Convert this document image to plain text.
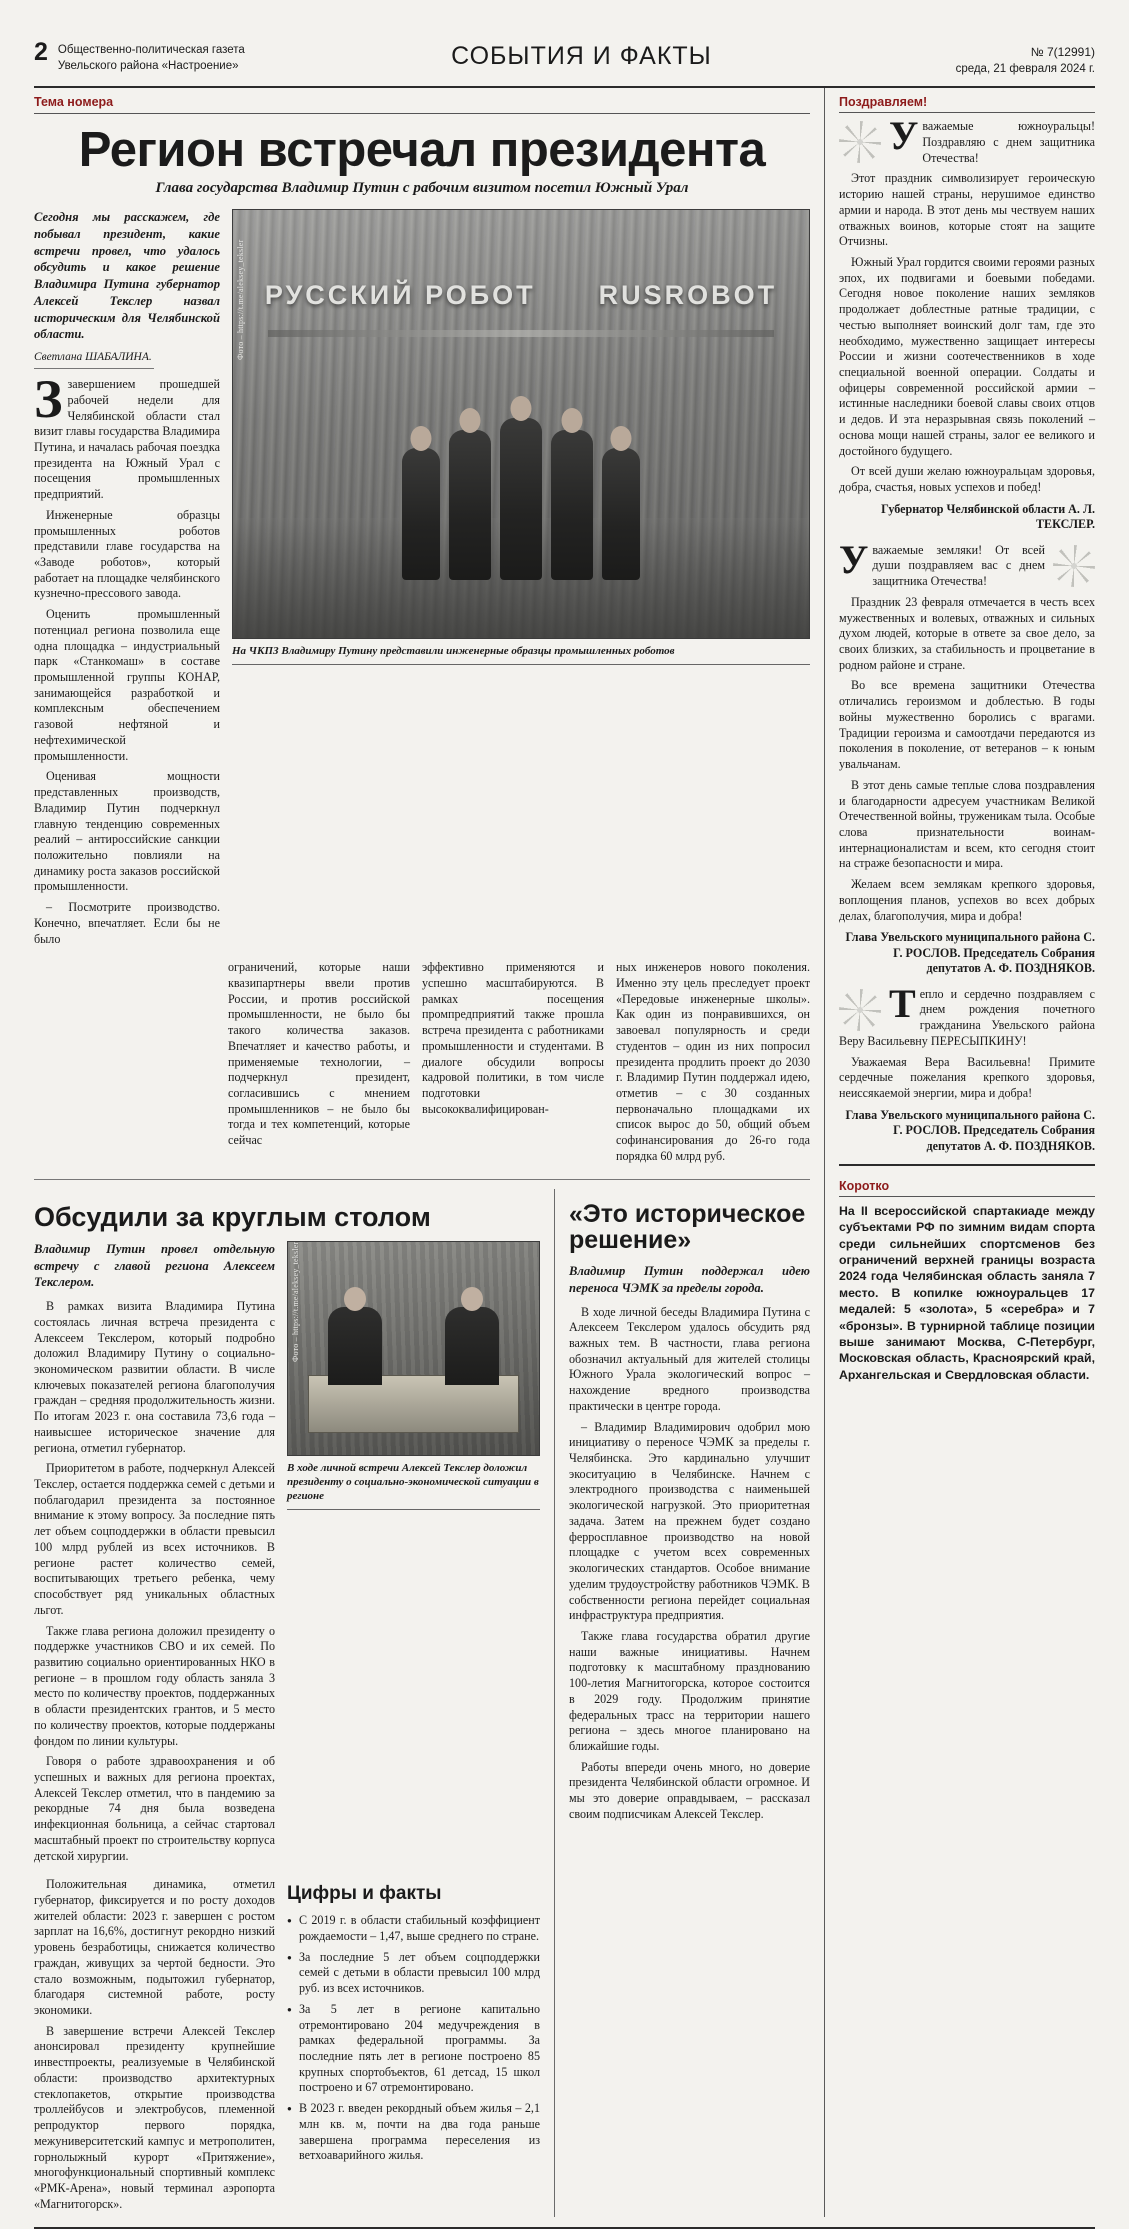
2 Общественно-политическая газета
Увельского района «Настроение»	СОБЫТИЯ И ФАКТЫ	№ 7(12991)
среда, 21 февраля 2024 г.
Тема номера
Регион встречал президента
Глава государства Владимир Путин с рабочим визитом посетил Южный Урал
Сегодня мы расскажем, где побывал президент, какие встречи провел, что удалось обсудить и какое решение Владимира Путина губернатор Алексей Текслер назвал историческим для Челябинской области.
Светлана ШАБАЛИНА.

Ззавершением прошедшей рабочей недели для Челябинской области стал визит главы государства Владимира Путина, и началась рабочая поездка президента на Южный Урал с посещения промышленных предприятий.

Инженерные образцы промышленных роботов представили главе государства на «Заводе роботов», который работает на площадке челябинского кузнечно-прессового завода.

Оценить промышленный потенциал региона позволила еще одна площадка – индустриальный парк «Станкомаш» в составе промышленной группы КОНАР, занимающейся разработкой и комплексным обеспечением газовой нефтяной и нефтехимической промышленности.

Оценивая мощности представленных производств, Владимир Путин подчеркнул главную тенденцию современных реалий – антироссийские санкции положительно повлияли на динамику роста заказов российской промышленности.

– Посмотрите производство. Конечно, впечатляет. Если бы не было

Фото – https://t.me/aleksey_teksler РУССКИЙ РОБОТ RUSROBOT
На ЧКПЗ Владимиру Путину представили инженерные образцы промышленных роботов

ограничений, которые наши квазипартнеры ввели против России, и против российской промышленности, не было бы такого количества заказов. Впечатляет и качество работы, и применяемые технологии, – подчеркнул президент, согласившись с мнением промышленников – не было бы тогда и тех компетенций, которые сейчас

эффективно применяются и успешно масштабируются. В рамках посещения промпредприятий также прошла встреча президента с работниками промышленности и студентами. В диалоге обсудили вопросы кадровой политики, в том числе подготовки высококвалифицирован-

ных инженеров нового поколения. Именно эту цель преследует проект «Передовые инженерные школы». Как один из понравившихся, он завоевал популярность и среди студентов – один из них попросил президента продлить проект до 2030 г. Владимир Путин поддержал идею, отметив – с 30 созданных первоначально площадками их список вырос до 50, общий объем софинансирования до 26-го года порядка 60 млрд руб.

Обсудили за круглым столом
Владимир Путин провел отдельную встречу с главой региона Алексеем Текслером.

В рамках визита Владимира Путина состоялась личная встреча президента с Алексеем Текслером, который подробно доложил Владимиру Путину о социально-экономическом развитии области. В числе ключевых показателей региона благополучия граждан – средняя продолжительность жизни. По итогам 2023 г. она составила 73,6 года – наивысшее историческое значение для региона, отметил губернатор.

Приоритетом в работе, подчеркнул Алексей Текслер, остается поддержка семей с детьми и поблагодарил президента за постоянное внимание к этому вопросу. За последние пять лет объем соцподдержки в области превысил 100 млрд рублей из всех источников. В регионе растет количество семей, воспитывающих третьего ребенка, чему способствует ряд уникальных областных льгот.

Также глава региона доложил президенту о поддержке участников СВО и их семей. По развитию социально ориентированных НКО в регионе – в прошлом году область заняла 3 место по количеству проектов, поддержанных в области президентских грантов, и 5 место по количеству проектов, которые поддержаны фондом по линии культуры.

Говоря о работе здравоохранения и об успешных и важных для региона проектах, Алексей Текслер отметил, что в пандемию за рекордные 74 дня была возведена инфекционная больница, а сейчас стартовал масштабный проект по строительству корпуса детской хирургии.

Фото – https://t.me/aleksey_teksler
В ходе личной встречи Алексей Текслер доложил президенту о социально-экономической ситуации в регионе

Положительная динамика, отметил губернатор, фиксируется и по росту доходов жителей области: 2023 г. завершен с ростом зарплат на 16,6%, достигнут рекордно низкий уровень безработицы, снижается количество граждан, живущих за чертой бедности. Это стало возможным, подытожил губернатор, благодаря системной работе, росту экономики.

В завершение встречи Алексей Текслер анонсировал президенту крупнейшие инвестпроекты, реализуемые в Челябинской области: производство архитектурных стеклопакетов, открытие производства троллейбусов и электробусов, племенной репродуктор первого порядка, межуниверситетский кампус и метрополитен, горнолыжный курорт «Притяжение», многофункциональный спортивный комплекс «РМК-Арена», новый терминал аэропорта «Магнитогорск».

Цифры и факты
● С 2019 г. в области стабильный коэффициент рождаемости – 1,47, выше среднего по стране.
● За последние 5 лет объем соцподдержки семей с детьми в области превысил 100 млрд руб. из всех источников.
● За 5 лет в регионе капитально отремонтировано 204 медучреждения в рамках федеральной программы. За последние пять лет в регионе построено 85 крупных спортобъектов, 61 детсад, 15 школ построено и 67 отремонтировано.
● В 2023 г. введен рекордный объем жилья – 2,1 млн кв. м, почти на два года раньше завершена программа переселения из ветхоаварийного жилья.
«Это историческое решение»
Владимир Путин поддержал идею переноса ЧЭМК за пределы города.

В ходе личной беседы Владимира Путина с Алексеем Текслером удалось обсудить ряд важных тем. В частности, глава региона обозначил актуальный для жителей столицы Южного Урала экологический вопрос – нахождение вредного производства практически в центре города.

– Владимир Владимирович одобрил мою инициативу о переносе ЧЭМК за пределы г. Челябинска. Это кардинально улучшит экоситуацию в Челябинске. Начнем с электродного производства с наименьшей экологической нагрузкой. Это приоритетная задача. Затем на прежнем будет создано ферросплавное производство на новой площадке с учетом всех современных экологических стандартов. Особое внимание уделим трудоустройству работников ЧЭМК. В собственности региона перейдет социальная инфраструктура предприятия.

Также глава государства обратил другие наши важные инициативы. Начнем подготовку к масштабному празднованию 100-летия Магнитогорска, которое состоится в 2029 году. Продолжим принятие федеральных трасс на территории нашего региона – здесь многое планировано на ближайшие годы.

Работы впереди очень много, но доверие президента Челябинской области огромное. И мы это доверие оправдываем, – рассказал своим подписчикам Алексей Текслер.

Поздравляем!

Уважаемые южноуральцы! Поздравляю с днем защитника Отечества!

Этот праздник символизирует героическую историю нашей страны, нерушимое единство армии и народа. В этот день мы чествуем наших отважных воинов, которые стоят на защите Отчизны.

Южный Урал гордится своими героями разных эпох, их подвигами и боевыми победами. Сегодня новое поколение наших земляков продолжает доблестные ратные традиции, с честью выполняет воинский долг там, где это необходимо, мужественно защищает интересы России и жизни соотечественников в ходе специальной военной операции. Солдаты и офицеры современной российской армии – истинные наследники боевой славы своих отцов и дедов. И эта неразрывная связь поколений – основа мощи нашей страны, залог ее великого и достойного будущего.

От всей души желаю южноуральцам здоровья, добра, счастья, новых успехов и побед!

Губернатор Челябинской области А. Л. ТЕКСЛЕР.

Уважаемые земляки! От всей души поздравляем вас с днем защитника Отечества!

Праздник 23 февраля отмечается в честь всех мужественных и волевых, отважных и сильных духом людей, которые в ответе за свое дело, за своих близких, за стабильность и процветание в родном районе и стране.

Во все времена защитники Отечества отличались героизмом и доблестью. В годы войны мужественно боролись с врагами. Традиции героизма и самоотдачи передаются из поколения в поколение, от ветеранов – к юным увальчанам.

В этот день самые теплые слова поздравления и благодарности адресуем участникам Великой Отечественной войны, труженикам тыла. Особые слова признательности воинам-интернационалистам и всем, кто сегодня стоит на страже безопасности и мира.

Желаем всем землякам крепкого здоровья, воплощения планов, успехов во всех добрых делах, благополучия, мира и добра!

Глава Увельского муниципального района С. Г. РОСЛОВ. Председатель Собрания депутатов А. Ф. ПОЗДНЯКОВ.

Тепло и сердечно поздравляем с днем рождения почетного гражданина Увельского района Веру Васильевну ПЕРЕСЫПКИНУ!

Уважаемая Вера Васильевна! Примите сердечные пожелания крепкого здоровья, неиссякаемой энергии, мира и добра!

Глава Увельского муниципального района С. Г. РОСЛОВ. Председатель Собрания депутатов А. Ф. ПОЗДНЯКОВ.

Коротко
На II всероссийской спартакиаде между субъектами РФ по зимним видам спорта среди сильнейших спортсменов без ограничений верхней границы возраста 2024 года Челябинская область заняла 7 место. В копилке южноуральцев 17 медалей: 5 «золота», 5 «серебра» и 7 «бронзы». В турнирной таблице позиции выше занимают Москва, С-Петербург, Московская область, Красноярский край, Архангельская и Свердловская области.
